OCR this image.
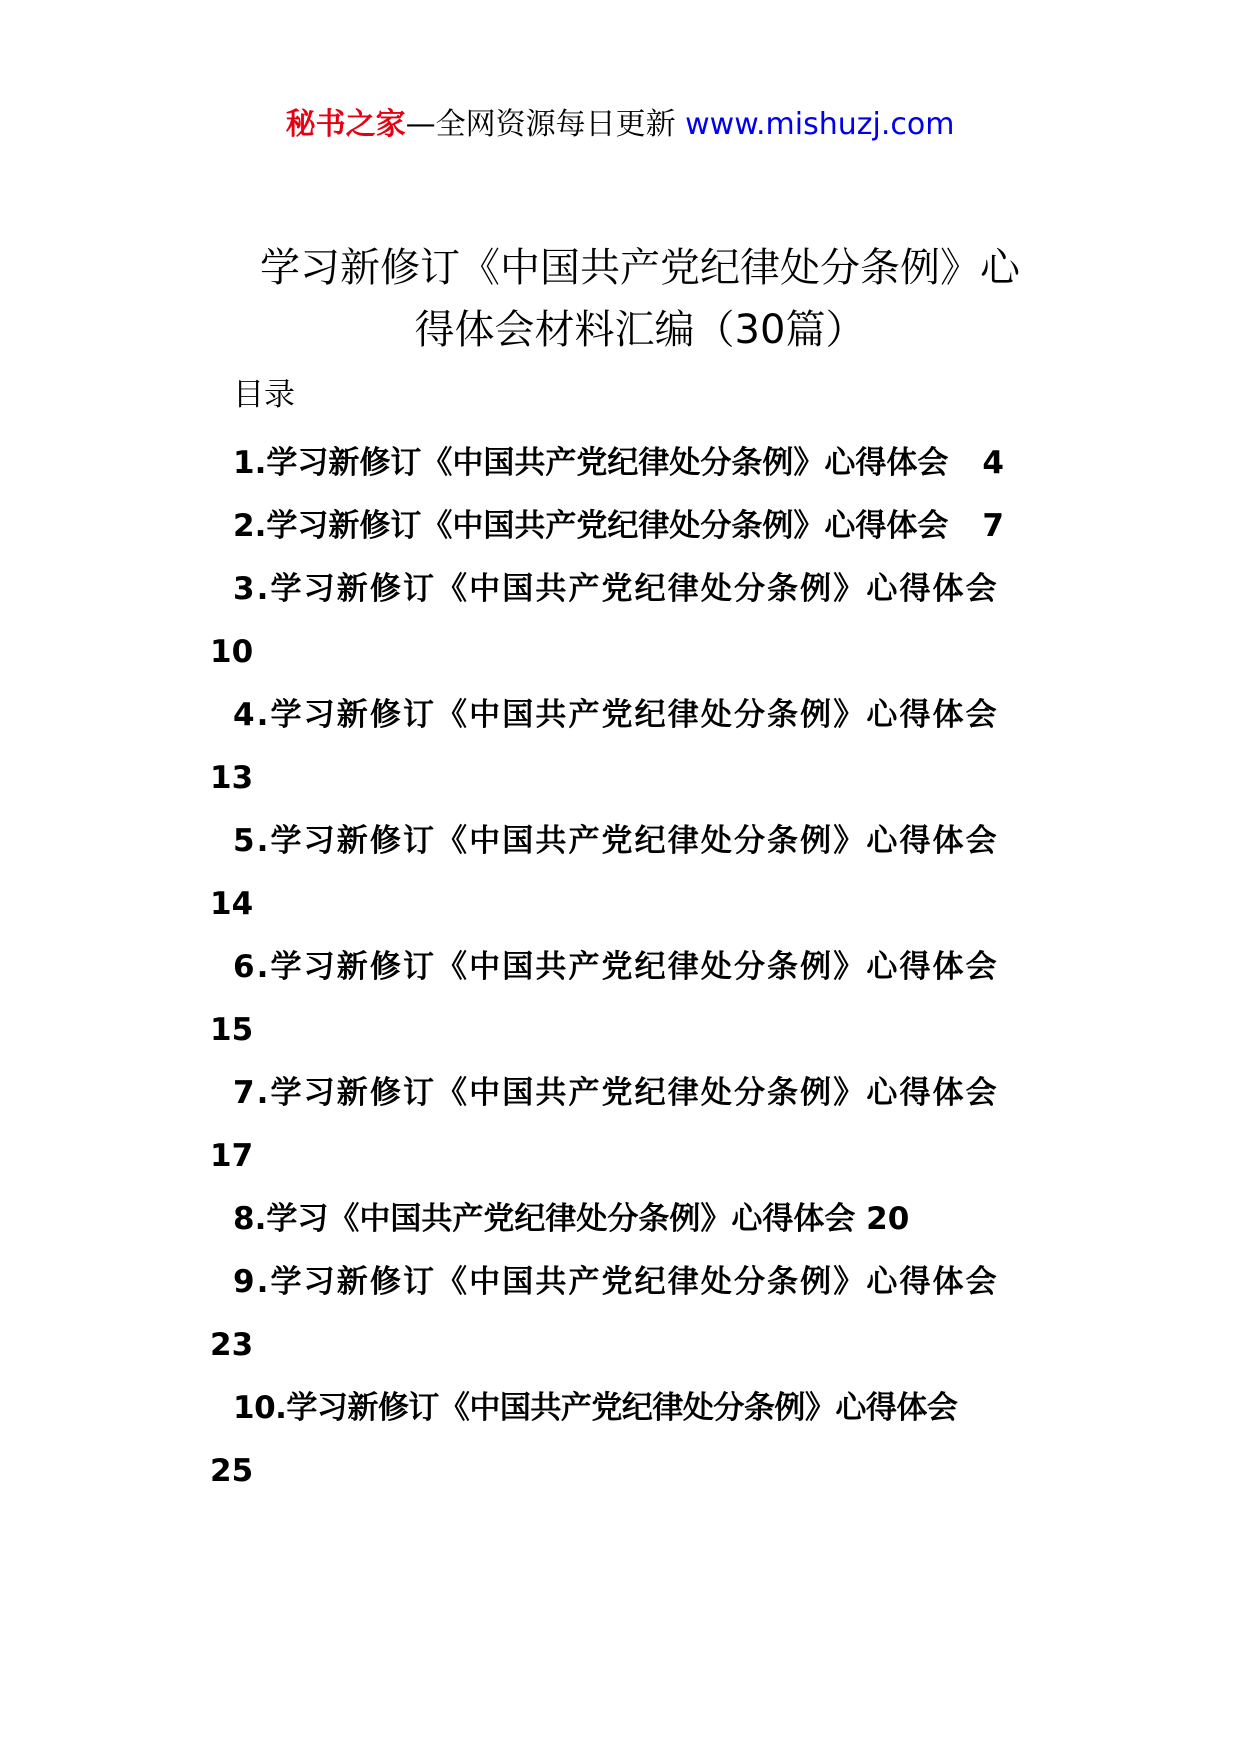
秘书之家—全网资源每日更新 www.mishuzj.com
学习新修订《中国共产党纪律处分条例》心
得体会材料汇编（30篇）
目录
1.学习新修订《中国共产党纪律处分条例》心得体会 4
2.学习新修订《中国共产党纪律处分条例》心得体会 7
3.学习新修订《中国共产党纪律处分条例》心得体会
10
4.学习新修订《中国共产党纪律处分条例》心得体会
13
5.学习新修订《中国共产党纪律处分条例》心得体会
14
6.学习新修订《中国共产党纪律处分条例》心得体会
15
7.学习新修订《中国共产党纪律处分条例》心得体会
17
8.学习《中国共产党纪律处分条例》心得体会 20
9.学习新修订《中国共产党纪律处分条例》心得体会
23
10.学习新修订《中国共产党纪律处分条例》心得体会
25
